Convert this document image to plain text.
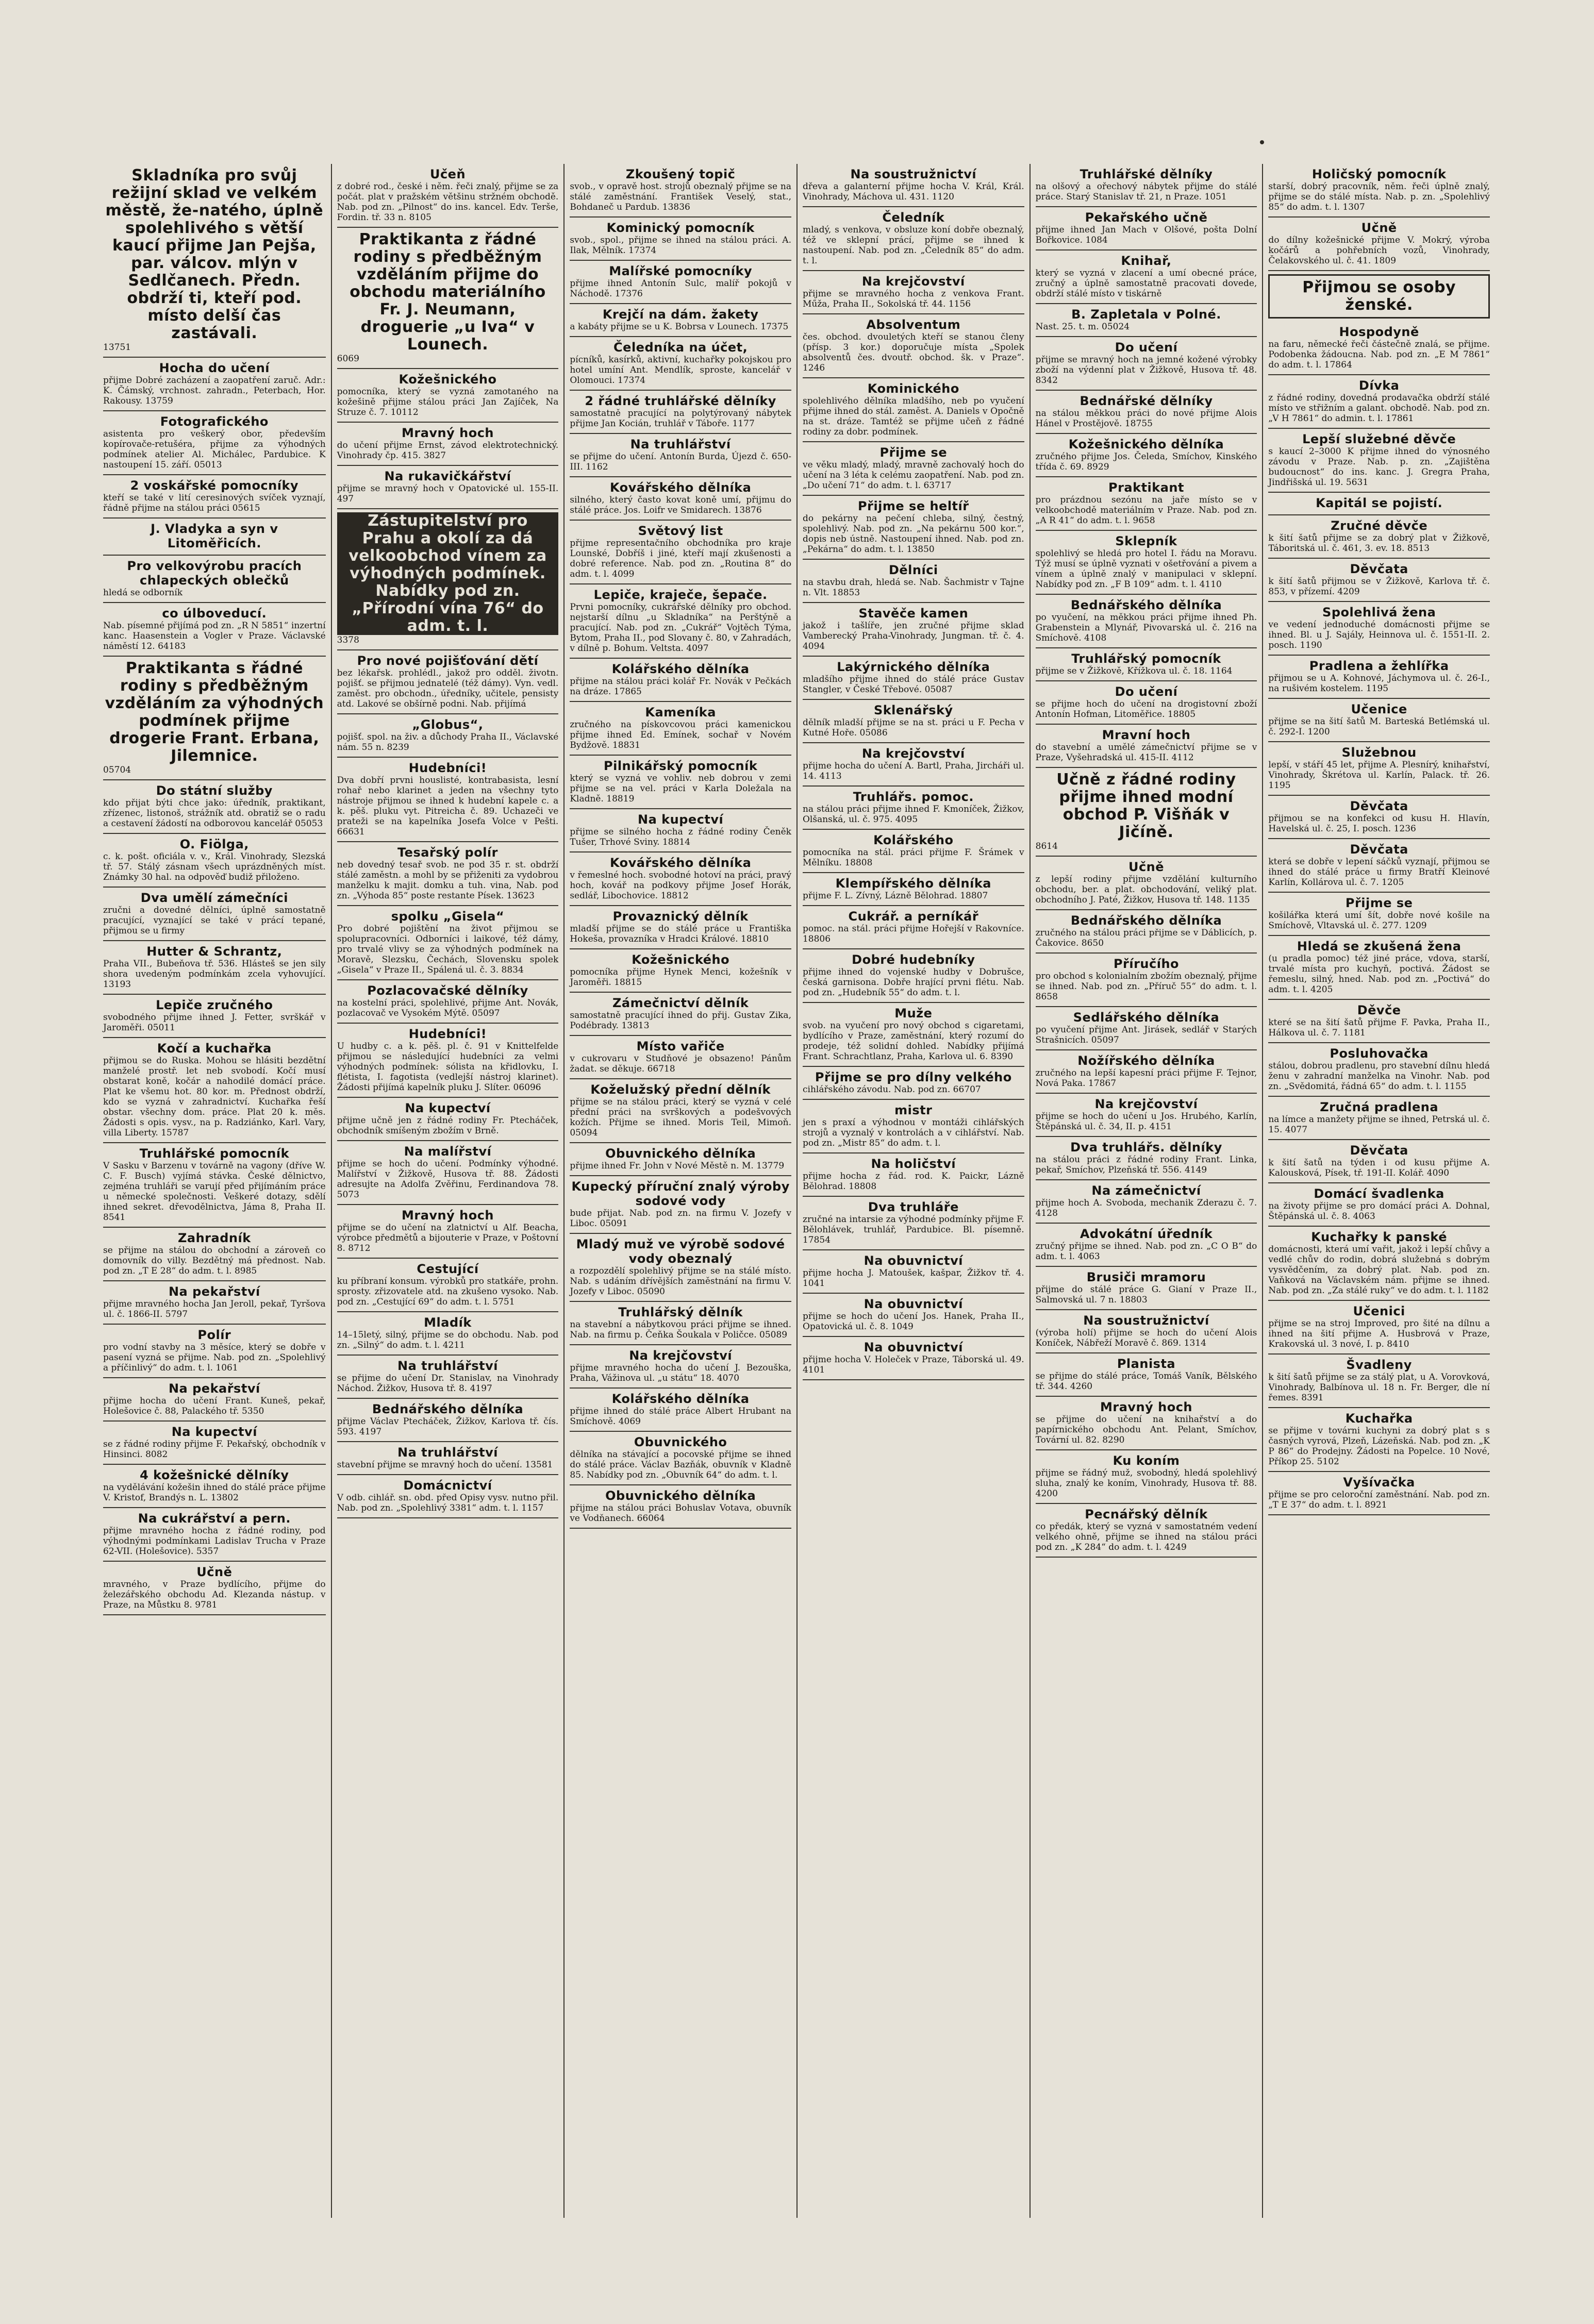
Skladníka pro svůj režijní sklad ve velkém městě, že-natého, úplně spolehlivého s větší kaucí přijme Jan Pejša, par. válcov. mlýn v Sedlčanech. Předn. obdrží ti, kteří pod. místo delší čas zastávali.
13751
Hocha do učení
přijme Dobré zacházení a zaopatření zaruč. Adr.: K. Čámský, vrchnost. zahradn., Peterbach, Hor. Rakousy. 13759
Fotografického
asistenta pro veškerý obor, především kopírovače-retušéra, přijme za výhodných podmínek atelier Al. Michálec, Pardubice. K nastoupení 15. září. 05013
2 voskářské pomocníky
kteří se také v lití ceresinových svíček vyznají, řádně přijme na stálou práci 05615
J. Vladyka a syn v Litoměřicích.
Pro velkovýrobu pracích chlapeckých oblečků
hledá se odborník
co úlboveducí.
Nab. písemné přijímá pod zn. „R N 5851“ inzertní kanc. Haasenstein a Vogler v Praze. Václavské náměstí 12. 64183
Praktikanta s řádné rodiny s předběžným vzděláním za výhodných podmínek přijme drogerie Frant. Erbana, Jilemnice.
05704
Do státní služby
kdo přijat býti chce jako: úředník, praktikant, zřízenec, listonoš, strážník atd. obratiž se o radu a cestavení žádostí na odborovou kancelář 05053
O. Fiölga,
c. k. pošt. oficiála v. v., Král. Vinohrady, Slezská tř. 57. Stálý zásnam všech uprázdněných míst. Známky 30 hal. na odpověď budiž přiloženo.
Dva umělí zámečníci
zručni a dovedné dělníci, úplně samostatně pracující, vyznající se také v prácí tepané, přijmou se u firmy
Hutter & Schrantz,
Praha VII., Bubeňova tř. 536. Hlásteš se jen sily shora uvedeným podmínkám zcela vyhovující. 13193
Lepiče zručného
svobodného přijme ihned J. Fetter, svrškář v Jaroměři. 05011
Kočí a kuchařka
přijmou se do Ruska. Mohou se hlásiti bezdětní manželé prostř. let neb svobodí. Kočí musí obstarat koně, kočár a nahodilé domácí práce. Plat ke všemu hot. 80 kor. m. Přednost obdrží, kdo se vyzná v zahradnictví. Kuchařka řeší obstar. všechny dom. práce. Plat 20 k. měs. Žádosti s opis. vysv., na p. Radziánko, Karl. Vary, villa Liberty. 15787
Truhlářské pomocník
V Sasku v Barzenu v továrně na vagony (dříve W. C. F. Busch) vyjímá stávka. České dělnictvo, zejména truhláři se varují před přijímáním práce u německé společnosti. Veškeré dotazy, sdělí ihned sekret. dřevodělnictva, Jáma 8, Praha II. 8541
Zahradník
se přijme na stálou do obchodní a zároveň co domovník do villy. Bezdětný má přednost. Nab. pod zn. „T E 28“ do adm. t. l. 8985
Na pekařství
přijme mravného hocha Jan Jeroll, pekař, Tyršova ul. č. 1866-II. 5797
Polír
pro vodní stavby na 3 měsíce, který se dobře v pasení vyzná se přijme. Nab. pod zn. „Spolehlivý a příčinlivý“ do adm. t. l. 1061
Na pekařství
přijme hocha do učení Frant. Kuneš, pekař, Holešovice č. 88, Palackého tř. 5350
Na kupectví
se z řádné rodiny přijme F. Pekařský, obchodník v Hinsinci. 8082
4 kožešnické dělníky
na vydělávání kožešin ihned do stálé práce přijme V. Kristof, Brandýs n. L. 13802
Na cukrářství a pern.
přijme mravného hocha z řádné rodiny, pod výhodnými podmínkami Ladislav Trucha v Praze 62-VII. (Holešovice). 5357
Učně
mravného, v Praze bydlícího, přijme do železářského obchodu Ad. Klezanda nástup. v Praze, na Můstku 8. 9781
Učeň
z dobré rod., české i něm. řeči znalý, přijme se za počát. plat v pražském většinu stržném obchodě. Nab. pod zn. „Pilnost“ do ins. kancel. Edv. Terše, Fordin. tř. 33 n. 8105
Praktikanta z řádné rodiny s předběžným vzděláním přijme do obchodu materiálního Fr. J. Neumann, droguerie „u Iva“ v Lounech.
6069
Kožešnického
pomocníka, který se vyzná zamotaného na kožešině přijme stálou práci Jan Zajíček, Na Struze č. 7. 10112
Mravný hoch
do učení přijme Ernst, závod elektrotechnický. Vinohrady čp. 415. 3827
Na rukavičkářství
přijme se mravný hoch v Opatovické ul. 155-II. 497
Zástupitelství pro Prahu a okolí za dá velkoobchod vínem za výhodných podmínek. Nabídky pod zn. „Přírodní vína 76“ do adm. t. l.
3378
Pro nové pojišťování dětí
bez lékařsk. prohlédl., jakož pro odděl. životn. pojišť. se přijmou jednatelé (též dámy). Vyn. vedl. zaměst. pro obchodn., úředníky, učitele, pensisty atd. Lakové se obšírně podni. Nab. přijímá
„Globus“,
pojišť. spol. na živ. a důchody Praha II., Václavské nám. 55 n. 8239
Hudebníci!
Dva dobří prvni houslisté, kontrabasista, lesní rohař nebo klarinet a jeden na všechny tyto nástroje přijmou se ihned k hudební kapele c. a k. pěš. pluku vyt. Pitreicha č. 89. Uchazeči ve prateži se na kapelníka Josefa Volce v Pešti. 66631
Tesařský polír
neb dovedný tesař svob. ne pod 35 r. st. obdrží stálé zaměstn. a mohl by se přiženiti za vydobrou manželku k majit. domku a tuh. vina, Nab. pod zn. „Výhoda 85“ poste restante Písek. 13623
spolku „Gisela“
Pro dobré pojištění na život přijmou se spolupracovníci. Odborníci i laikové, též dámy, pro trvalé vlivy se za výhodných podmínek na Moravě, Slezsku, Čechách, Slovensku spolek „Gisela“ v Praze II., Spálená ul. č. 3. 8834
Pozlacovačské dělníky
na kostelní práci, spolehlivé, přijme Ant. Novák, pozlacovač ve Vysokém Mýtě. 05097
Hudebníci!
U hudby c. a k. pěš. pl. č. 91 v Knittelfelde přijmou se následující hudebníci za velmi výhodných podmínek: sólista na křidlovku, I. flétista, I. fagotista (vedlejší nástroj klarinet). Žádosti přijímá kapelník pluku J. Slíter. 06096
Na kupectví
přijme učně jen z řádné rodiny Fr. Ptecháček, obchodník smíšeným zbožím v Brně.
Na malířství
přijme se hoch do učení. Podmínky výhodné. Malířství v Žižkově, Husova tř. 88. Žádosti adresujte na Adolfa Zvěřinu, Ferdinandova 78. 5073
Mravný hoch
přijme se do učení na zlatnictví u Alf. Beacha, výrobce předmětů a bijouterie v Praze, v Poštovní 8. 8712
Cestující
ku příbraní konsum. výrobků pro statkáře, prohn. sprosty. zřizovatele atd. na zkušeno vysoko. Nab. pod zn. „Cestující 69“ do adm. t. l. 5751
Mladík
14–15letý, silný, přijme se do obchodu. Nab. pod zn. „Silný“ do adm. t. l. 4211
Na truhlářství
se přijme do učení Dr. Stanislav, na Vinohrady Náchod. Žižkov, Husova tř. 8. 4197
Bednářského dělníka
přijme Václav Ptecháček, Žižkov, Karlova tř. čís. 593. 4197
Na truhlářství
stavební přijme se mravný hoch do učení. 13581
Domácnictví
V odb. cihlář. sn. obd. před Opisy vysv. nutno přil. Nab. pod zn. „Spolehlivý 3381“ adm. t. l. 1157
Zkoušený topič
svob., v opravě host. strojů obeznalý přijme se na stálé zaměstnání. František Veselý, stat., Bohdaneč u Pardub. 13836
Kominický pomocník
svob., spol., přijme se ihned na stálou práci. A. Ilak, Mělník. 17374
Malířské pomocníky
přijme ihned Antonín Sulc, malíř pokojů v Náchodě. 17376
Krejčí na dám. žakety
a kabáty přijme se u K. Bobrsa v Lounech. 17375
Čeledníka na účet,
pícníků, kasírků, aktivní, kuchařky pokojskou pro hotel umíní Ant. Mendlík, sproste, kancelář v Olomouci. 17374
2 řádné truhlářské dělníky
samostatně pracující na polytýrovaný nábytek přijme Jan Kocián, truhlář v Táboře. 1177
Na truhlářství
se přijme do učení. Antonín Burda, Újezd č. 650-III. 1162
Kovářského dělníka
silného, který často kovat koně umí, přijmu do stálé práce. Jos. Loifr ve Smidarech. 13876
Světový list
přijme representačního obchodníka pro kraje Lounské, Dobříš i jiné, kteří mají zkušenosti a dobré reference. Nab. pod zn. „Routina 8“ do adm. t. l. 4099
Lepiče, kraječe, šepače.
Prvni pomocníky, cukrářské dělníky pro obchod. nejstarší dílnu „u Skladníka“ na Perštýně a pracující. Nab. pod zn. „Cukrář“ Vojtěch Týma, Bytom, Praha II., pod Slovany č. 80, v Zahradách, v dílně p. Bohum. Veltsta. 4097
Kolářského dělníka
přijme na stálou práci kolář Fr. Novák v Pečkách na dráze. 17865
Kameníka
zručného na pískovcovou práci kamenickou přijme ihned Ed. Emínek, sochař v Novém Bydžově. 18831
Pilnikářský pomocník
který se vyzná ve vohliv. neb dobrou v zemi přijme se na vel. práci v Karla Doležala na Kladně. 18819
Na kupectví
přijme se silného hocha z řádné rodiny Čeněk Tušer, Trhové Sviny. 18814
Kovářského dělníka
v řemeslné hoch. svobodné hotoví na práci, pravý hoch, kovář na podkovy přijme Josef Horák, sedlář, Libochovice. 18812
Provaznický dělník
mladší přijme se do stálé práce u Františka Hokeša, provazníka v Hradci Králové. 18810
Kožešnického
pomocníka přijme Hynek Menci, kožešník v Jaroměři. 18815
Zámečnictví dělník
samostatně pracující ihned do přij. Gustav Zika, Podébrady. 13813
Místo vařiče
v cukrovaru v Studňové je obsazeno! Pánům žadat. se děkuje. 66718
Koželužský přední dělník
přijme se na stálou práci, který se vyzná v celé přední práci na svrškových a podešvových kožích. Přijme se ihned. Moris Teil, Mimoň. 05094
Obuvnického dělníka
přijme ihned Fr. John v Nové Městě n. M. 13779
Kupecký příruční znalý výroby sodové vody
bude přijat. Nab. pod zn. na firmu V. Jozefy v Liboc. 05091
Mladý muž ve výrobě sodové vody obeznalý
a rozpozdělí spolehlivý přijme se na stálé místo. Nab. s udáním dřívějších zaměstnání na firmu V. Jozefy v Liboc. 05090
Truhlářský dělník
na stavební a nábytkovou práci přijme se ihned. Nab. na firmu p. Čeňka Šoukala v Poličce. 05089
Na krejčovství
přijme mravného hocha do učení J. Bezouška, Praha, Vážinova ul. „u státu“ 18. 4070
Kolářského dělníka
přijme ihned do stálé práce Albert Hrubant na Smíchově. 4069
Obuvnického
dělníka na stávající a pocovské přijme se ihned do stálé práce. Václav Bazňák, obuvník v Kladně 85. Nabídky pod zn. „Obuvník 64“ do adm. t. l.
Obuvnického dělníka
přijme na stálou práci Bohuslav Votava, obuvník ve Vodňanech. 66064
Na soustružnictví
dřeva a galanterní přijme hocha V. Král, Král. Vinohrady, Máchova ul. 431. 1120
Čeledník
mladý, s venkova, v obsluze koní dobře obeznalý, též ve sklepní prácí, přijme se ihned k nastoupení. Nab. pod zn. „Čeledník 85“ do adm. t. l.
Na krejčovství
přijme se mravného hocha z venkova Frant. Műža, Praha II., Sokolská tř. 44. 1156
Absolventum
čes. obchod. dvouletých kteří se stanou členy (přísp. 3 kor.) doporučuje místa „Spolek absolventů čes. dvoutř. obchod. šk. v Praze“. 1246
Kominického
spolehlivého dělníka mladšího, neb po vyučení přijme ihned do stál. zaměst. A. Daniels v Opočně na st. dráze. Tamtéž se přijme učeň z řádné rodiny za dobr. podmínek.
Přijme se
ve věku mladý, mladý, mravně zachovalý hoch do učení na 3 léta k celému zaopatření. Nab. pod zn. „Do učení 71“ do adm. t. l. 63717
Přijme se heltíř
do pekárny na pečení chleba, silný, čestný, spolehlivý. Nab. pod zn. „Na pekárnu 500 kor.“, dopis neb ústně. Nastoupení ihned. Nab. pod zn. „Pekárna“ do adm. t. l. 13850
Dělníci
na stavbu drah, hledá se. Nab. Šachmistr v Tajne n. Vlt. 18853
Stavěče kamen
jakož i tašlíře, jen zručné přijme sklad Vamberecký Praha-Vinohrady, Jungman. tř. č. 4. 4094
Lakýrnického dělníka
mladšího přijme ihned do stálé práce Gustav Stangler, v České Třebové. 05087
Sklenářský
dělník mladší přijme se na st. práci u F. Pecha v Kutné Hoře. 05086
Na krejčovství
přijme hocha do učení A. Bartl, Praha, Jircháři ul. 14. 4113
Truhlářs. pomoc.
na stálou práci přijme ihned F. Kmoníček, Žižkov, Olšanská, ul. č. 975. 4095
Kolářského
pomocníka na stál. práci přijme F. Šrámek v Mělníku. 18808
Klempířského dělníka
přijme F. L. Zívný, Lázně Bělohrad. 18807
Cukrář. a perníkář
pomoc. na stál. práci přijme Hořejší v Rakovníce. 18806
Dobré hudebníky
přijme ihned do vojenské hudby v Dobrušce, česká garnisona. Dobře hrající prvni flétu. Nab. pod zn. „Hudebník 55“ do adm. t. l.
Muže
svob. na vyučení pro nový obchod s cigaretami, bydlícího v Praze, zaměstnání, který rozumí do prodeje, též solidní dohled. Nabídky přijímá Frant. Schrachtlanz, Praha, Karlova ul. 6. 8390
Přijme se pro dílny velkého
cihlářského závodu. Nab. pod zn. 66707
mistr
jen s praxí a výhodnou v montáži cihlářských strojů a vyznalý v kontrolách a v cihlářství. Nab. pod zn. „Mistr 85“ do adm. t. l.
Na holičství
přijme hocha z řád. rod. K. Paickr, Lázně Bělohrad. 18808
Dva truhláře
zručné na intarsie za výhodné podmínky přijme F. Bělohlávek, truhlář, Pardubice. Bl. písemně. 17854
Na obuvnictví
přijme hocha J. Matoušek, kašpar, Žižkov tř. 4. 1041
Na obuvnictví
přijme se hoch do učení Jos. Hanek, Praha II., Opatovická ul. č. 8. 1049
Na obuvnictví
přijme hocha V. Holeček v Praze, Táborská ul. 49. 4101
Truhlářské dělníky
na olšový a ořechový nábytek přijme do stálé práce. Starý Stanislav tř. 21, n Praze. 1051
Pekařského učně
přijme ihned Jan Mach v Olšové, pošta Dolní Bořkovice. 1084
Knihař,
který se vyzná v zlacení a umí obecné práce, zručný a úplně samostatně pracovati dovede, obdrží stálé místo v tiskárně
B. Zapletala v Polné.
Nast. 25. t. m. 05024
Do učení
přijme se mravný hoch na jemné kožené výrobky zboží na výdenní plat v Žižkově, Husova tř. 48. 8342
Bednářské dělníky
na stálou měkkou práci do nové přijme Alois Hánel v Prostějově. 18755
Kožešnického dělníka
zručného přijme Jos. Čeleda, Smíchov, Kinského třída č. 69. 8929
Praktikant
pro prázdnou sezónu na jaře místo se v velkoobchodě materiálním v Praze. Nab. pod zn. „A R 41“ do adm. t. l. 9658
Sklepník
spolehlivý se hledá pro hotel I. řádu na Moravu. Týž musí se úplně vyznati v ošetřování a pivem a vínem a úplně znalý v manipulaci v sklepní. Nabídky pod zn. „F B 109“ adm. t. l. 4110
Bednářského dělníka
po vyučení, na měkkou práci přijme ihned Ph. Grabenstein a Mlynář, Pivovarská ul. č. 216 na Smíchově. 4108
Truhlářský pomocník
přijme se v Žižkově, Křížkova ul. č. 18. 1164
Do učení
se přijme hoch do učení na drogistovní zboží Antonín Hofman, Litoměřice. 18805
Mravní hoch
do stavební a umělé zámečnictví přijme se v Praze, Vyšehradská ul. 415-II. 4112
Učně z řádné rodiny přijme ihned modní obchod P. Višňák v Jičíně.
8614
Učně
z lepší rodiny přijme vzdělání kulturního obchodu, ber. a plat. obchodování, veliký plat. obchodního J. Paté, Žižkov, Husova tř. 148. 1135
Bednářského dělníka
zručného na stálou práci přijme se v Dáblicích, p. Čakovice. 8650
Příručího
pro obchod s kolonialním zbožím obeznalý, přijme se ihned. Nab. pod zn. „Příruč 55“ do adm. t. l. 8658
Sedlářského dělníka
po vyučení přijme Ant. Jirásek, sedlář v Starých Strašnicích. 05097
Nožířského dělníka
zručného na lepší kapesní práci přijme F. Tejnor, Nová Paka. 17867
Na krejčovství
přijme se hoch do učení u Jos. Hrubého, Karlín, Štěpánská ul. č. 34, II. p. 4151
Dva truhlářs. dělníky
na stálou práci z řádné rodiny Frant. Linka, pekař, Smíchov, Plzeňská tř. 556. 4149
Na zámečnictví
přijme hoch A. Svoboda, mechanik Zderazu č. 7. 4128
Advokátní úředník
zručný přijme se ihned. Nab. pod zn. „C O B“ do adm. t. l. 4063
Brusiči mramoru
přijme do stálé práce G. Gianí v Praze II., Salmovská ul. 7 n. 18803
Na soustružnictví
(výroba holí) přijme se hoch do učení Alois Koníček, Nábřeží Moravě č. 869. 1314
Planista
se přijme do stálé práce, Tomáš Vaník, Bělského tř. 344. 4260
Mravný hoch
se přijme do učení na knihařství a do papírnického obchodu Ant. Pelant, Smíchov, Tovární ul. 82. 8290
Ku koním
přijme se řádný muž, svobodný, hledá spolehlivý sluha, znalý ke koním, Vinohrady, Husova tř. 88. 4200
Pecnářský dělník
co předák, který se vyzná v samostatném vedení velkého ohně, přijme se ihned na stálou práci pod zn. „K 284“ do adm. t. l. 4249
Holičský pomocník
starší, dobrý pracovník, něm. řeči úplně znalý, přijme se do stálé místa. Nab. p. zn. „Spolehlivý 85“ do adm. t. l. 1307
Učně
do dílny kožešnické přijme V. Mokrý, výroba kočárů a pohřebních vozů, Vinohrady, Čelakovského ul. č. 41. 1809
Přijmou se osoby ženské.
Hospodyně
na faru, německé řeči částečně znalá, se přijme. Podobenka žádoucna. Nab. pod zn. „E M 7861“ do adm. t. l. 17864
Dívka
z řádné rodiny, dovedná prodavačka obdrží stálé místo ve střižním a galant. obchodě. Nab. pod zn. „V H 7861“ do admin. t. l. 17861
Lepší služebné děvče
s kaucí 2–3000 K přijme ihned do výnosného závodu v Praze. Nab. p. zn. „Zajištěna budoucnost“ do ins. kanc. J. Gregra Praha, Jindřišská ul. 19. 5631
Kapitál se pojistí.
Zručné děvče
k šití šatů přijme se za dobrý plat v Žižkově, Táboritská ul. č. 461, 3. ev. 18. 8513
Děvčata
k šití šatů přijmou se v Žižkově, Karlova tř. č. 853, v přízemí. 4209
Spolehlivá žena
ve vedení jednoduché domácnosti přijme se ihned. Bl. u J. Sajály, Heinnova ul. č. 1551-II. 2. posch. 1190
Pradlena a žehlířka
přijmou se u A. Kohnové, Jáchymova ul. č. 26-I., na rušivém kostelem. 1195
Učenice
přijme se na šití šatů M. Barteská Betlémská ul. č. 292-I. 1200
Služebnou
lepší, v stáří 45 let, přijme A. Plesnírý, knihařství, Vinohrady, Škrétova ul. Karlín, Palack. tř. 26. 1195
Děvčata
přijmou se na konfekci od kusu H. Hlavín, Havelská ul. č. 25, I. posch. 1236
Děvčata
která se dobře v lepení sáčků vyznají, přijmou se ihned do stálé práce u firmy Bratří Kleinové Karlín, Kollárova ul. č. 7. 1205
Přijme se
košilářka která umí šít, dobře nové košile na Smíchově, Vltavská ul. č. 277. 1209
Hledá se zkušená žena
(u pradla pomoc) též jiné práce, vdova, starší, trvalé místa pro kuchyň, poctivá. Žádost se řemeslu, silný, hned. Nab. pod zn. „Poctivá“ do adm. t. l. 4205
Děvče
které se na šití šatů přijme F. Pavka, Praha II., Hálkova ul. č. 7. 1181
Posluhovačka
stálou, dobrou pradlenu, pro stavební dílnu hledá ženu v zahradní manželka na Vinohr. Nab. pod zn. „Svědomitá, řádná 65“ do adm. t. l. 1155
Zručná pradlena
na límce a manžety přijme se ihned, Petrská ul. č. 15. 4077
Děvčata
k šití šatů na týden i od kusu přijme A. Kalousková, Písek, tř. 191-II. Kolář. 4090
Domácí švadlenka
na životy přijme se pro domácí práci A. Dohnal, Štěpánská ul. č. 8. 4063
Kuchařky k panské
domácnosti, která umí vařit, jakož i lepší chůvy a vedlé chův do rodin, dobrá služebná s dobrým vysvědčením, za dobrý plat. Nab. pod zn. Vaňková na Václavském nám. přijme se ihned. Nab. pod zn. „Za stálé ruky“ ve do adm. t. l. 1182
Učenici
přijme se na stroj Improved, pro šité na dílnu a ihned na šití přijme A. Husbrová v Praze, Krakovská ul. 3 nové, I. p. 8410
Švadleny
k šití šatů přijme se za stálý plat, u A. Vorovková, Vinohrady, Balbínova ul. 18 n. Fr. Berger, dle ní řemes. 8391
Kuchařka
se přijme v továrni kuchyni za dobrý plat s s časných vyrová, Plzeň, Lázeňská. Nab. pod zn. „K P 86“ do Prodejny. Žádosti na Popelce. 10 Nové, Příkop 25. 5102
Vyšívačka
přijme se pro celoroční zaměstnání. Nab. pod zn. „T E 37“ do adm. t. l. 8921
